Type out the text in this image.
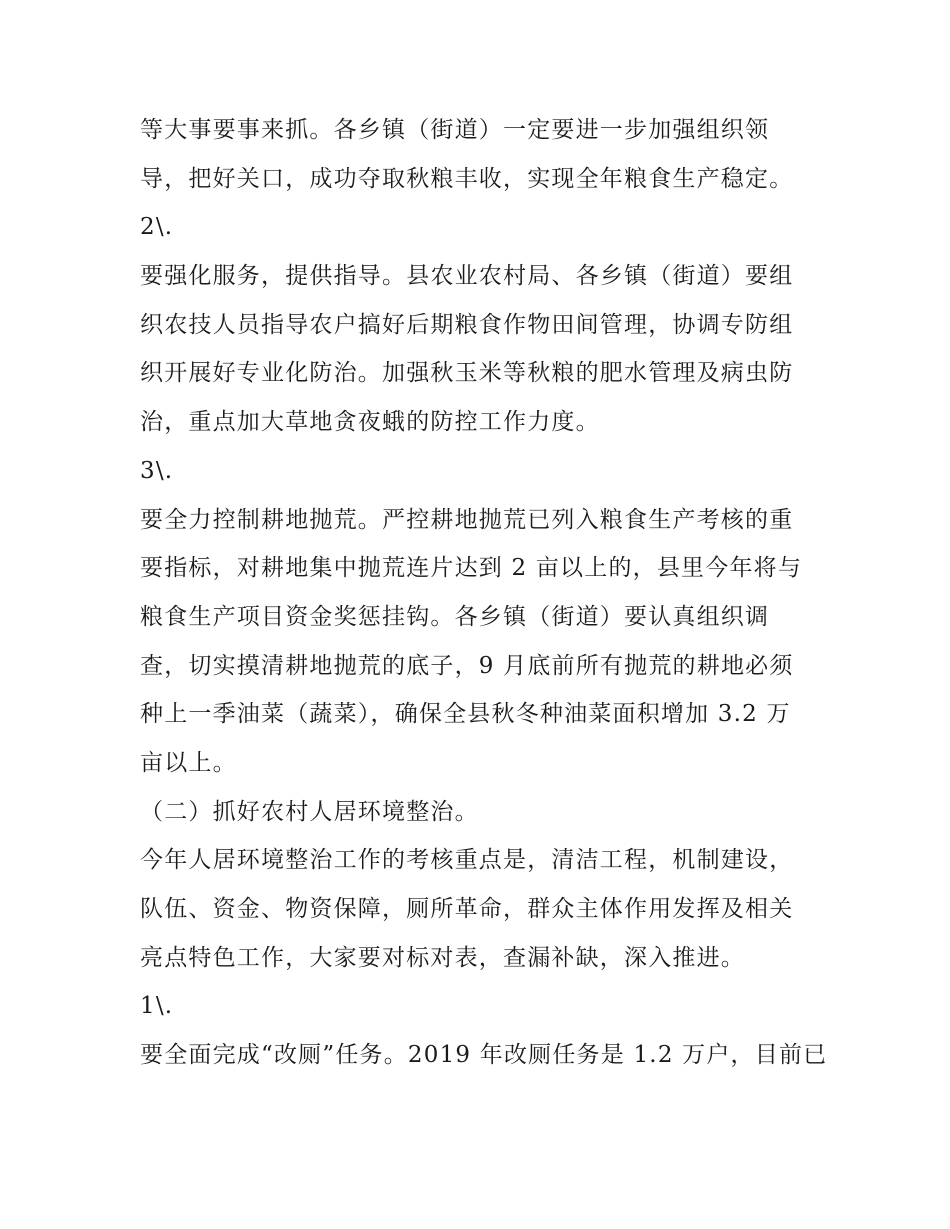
等大事要事来抓。各乡镇（街道）一定要进一步加强组织领
导，把好关口，成功夺取秋粮丰收，实现全年粮食生产稳定。
2\.
要强化服务，提供指导。县农业农村局、各乡镇（街道）要组
织农技人员指导农户搞好后期粮食作物田间管理，协调专防组
织开展好专业化防治。加强秋玉米等秋粮的肥水管理及病虫防
治，重点加大草地贪夜蛾的防控工作力度。
3\.
要全力控制耕地抛荒。严控耕地抛荒已列入粮食生产考核的重
要指标，对耕地集中抛荒连片达到 2 亩以上的，县里今年将与
粮食生产项目资金奖惩挂钩。各乡镇（街道）要认真组织调
查，切实摸清耕地抛荒的底子，9 月底前所有抛荒的耕地必须
种上一季油菜（蔬菜），确保全县秋冬种油菜面积增加 3.2 万
亩以上。
（二）抓好农村人居环境整治。
今年人居环境整治工作的考核重点是，清洁工程，机制建设，
队伍、资金、物资保障，厕所革命，群众主体作用发挥及相关
亮点特色工作，大家要对标对表，查漏补缺，深入推进。
1\.
要全面完成“改厕”任务。2019 年改厕任务是 1.2 万户，目前已
